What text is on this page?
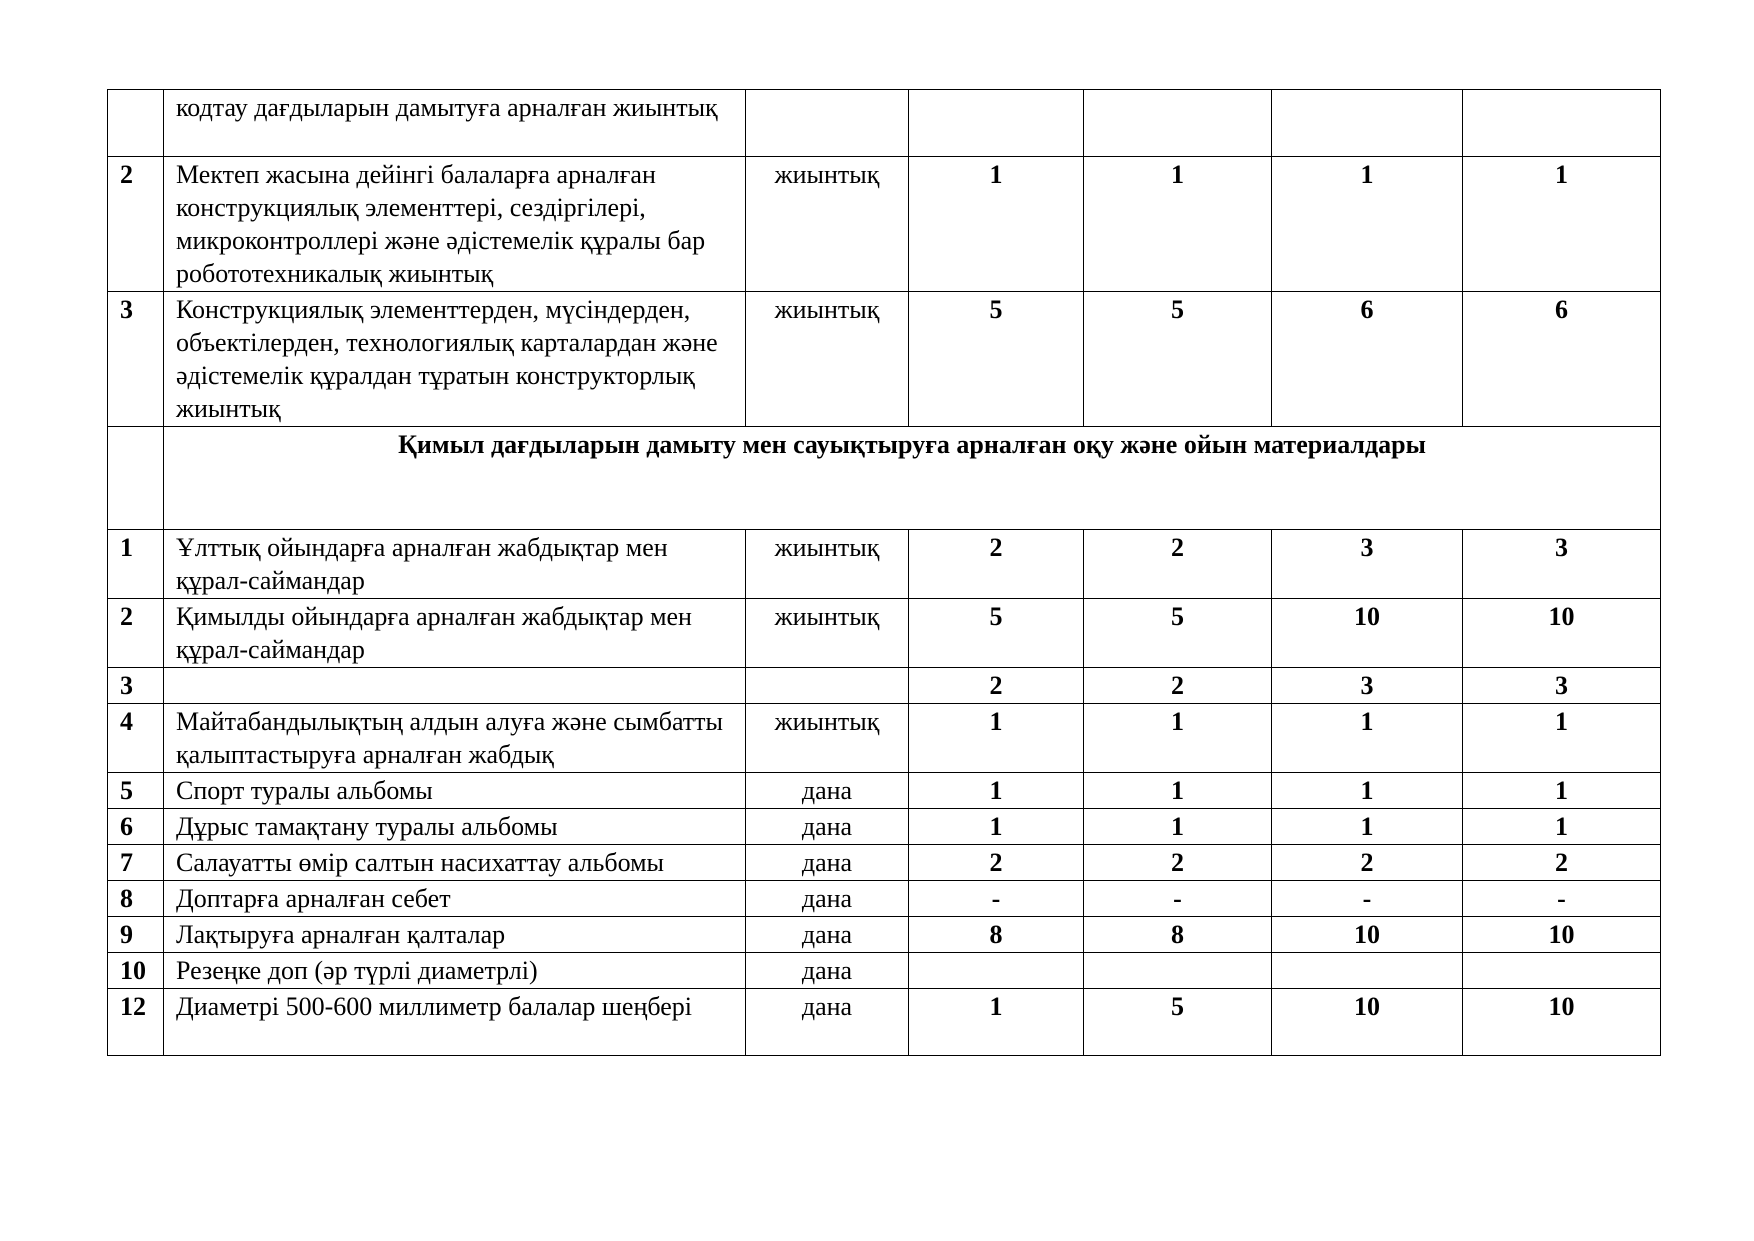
	кодтау дағдыларын дамытуға арналған жиынтық					
2	Мектеп жасына дейінгі балаларға арналған конструкциялық элементтері, сездіргілері, микроконтроллері және әдістемелік құралы бар робототехникалық жиынтық	жиынтық	1	1	1	1
3	Конструкциялық элементтерден, мүсіндерден, объектілерден, технологиялық карталардан және әдістемелік құралдан тұратын конструкторлық жиынтық	жиынтық	5	5	6	6
	Қимыл дағдыларын дамыту мен сауықтыруға арналған оқу және ойын материалдары					
1	Ұлттық ойындарға арналған жабдықтар мен құрал-саймандар	жиынтық	2	2	3	3
2	Қимылды ойындарға арналған жабдықтар мен құрал-саймандар	жиынтық	5	5	10	10
3			2	2	3	3
4	Майтабандылықтың алдын алуға және сымбатты қалыптастыруға арналған жабдық	жиынтық	1	1	1	1
5	Спорт туралы альбомы	дана	1	1	1	1
6	Дұрыс тамақтану туралы альбомы	дана	1	1	1	1
7	Салауатты өмір салтын насихаттау альбомы	дана	2	2	2	2
8	Доптарға арналған себет	дана	-	-	-	-
9	Лақтыруға арналған қалталар	дана	8	8	10	10
10	Резеңке доп (әр түрлі диаметрлі)	дана				
12	Диаметрі 500-600 миллиметр балалар шеңбері	дана	1	5	10	10
